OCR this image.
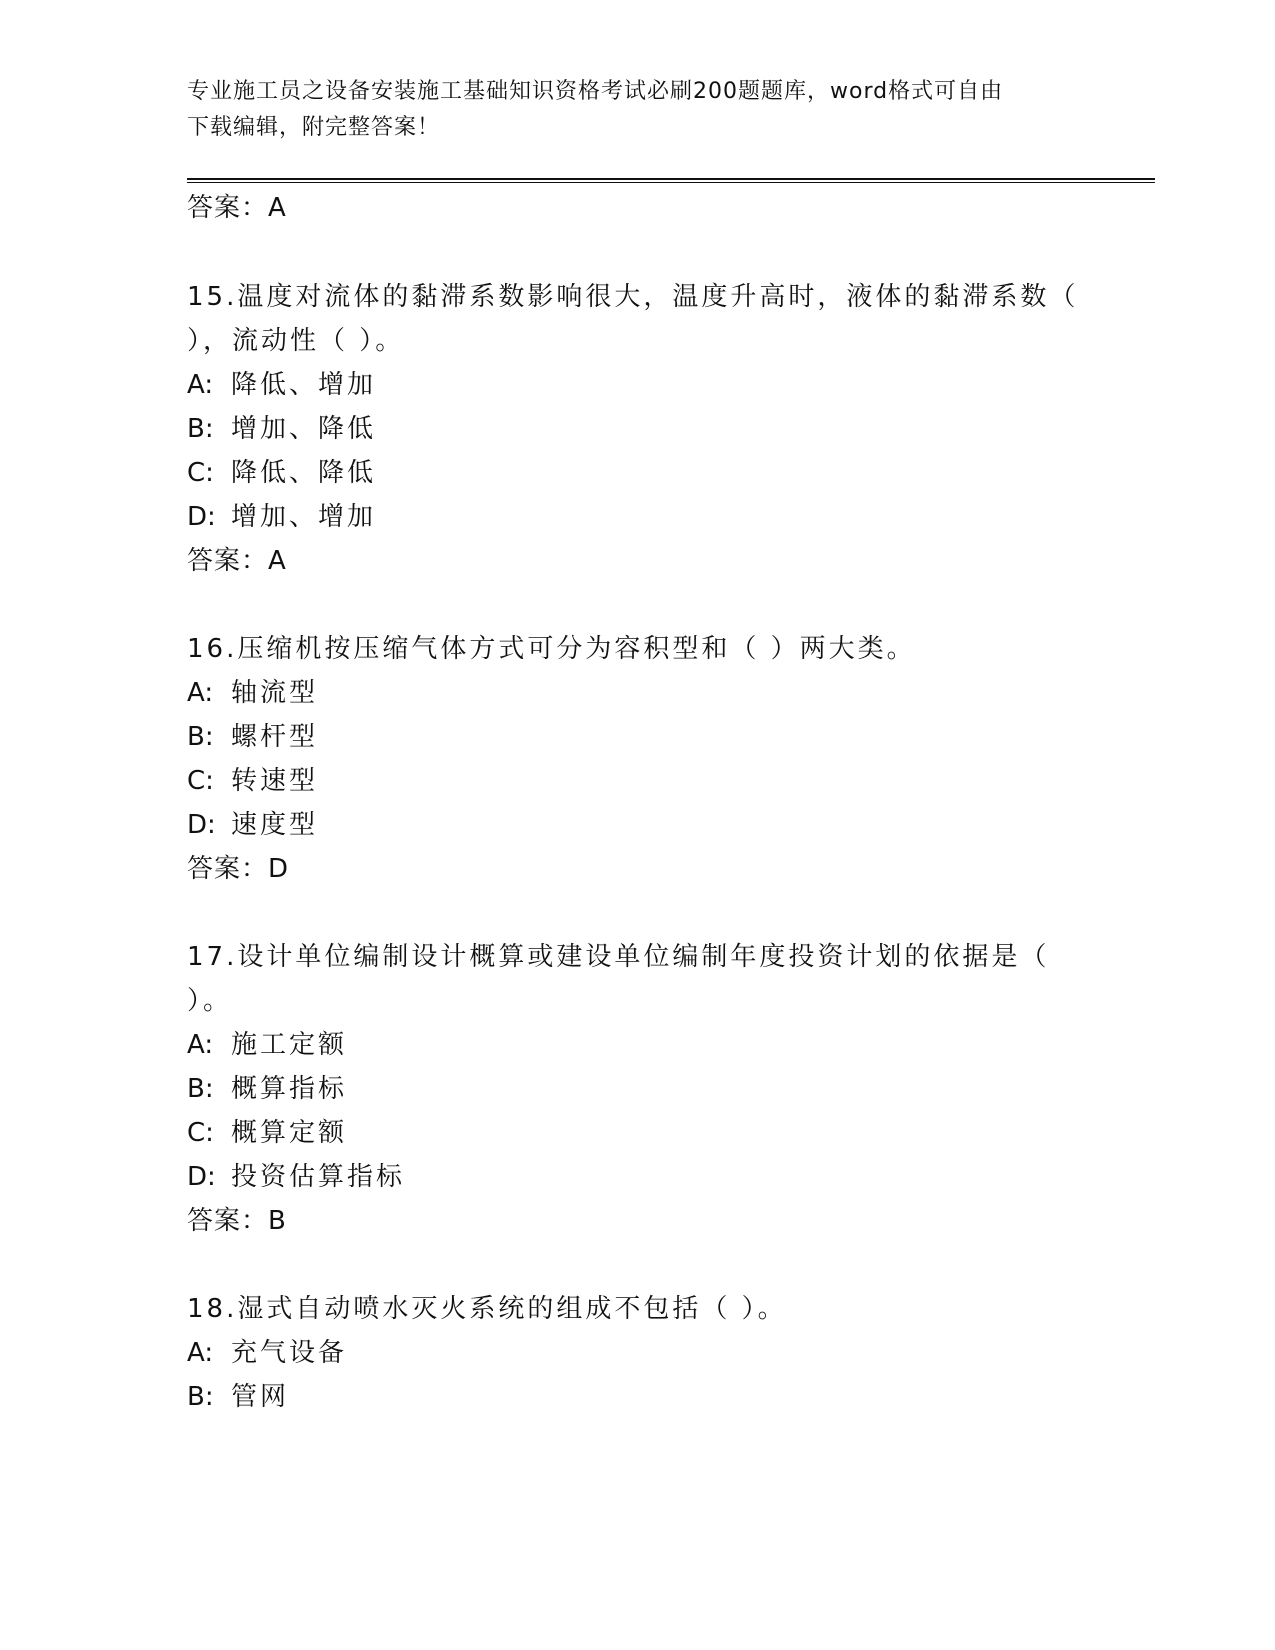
专业施工员之设备安装施工基础知识资格考试必刷200题题库，word格式可自由
下载编辑，附完整答案！
答案：A
15.温度对流体的黏滞系数影响很大，温度升高时，液体的黏滞系数（
），流动性（ ）。
A: 降低、增加
B: 增加、降低
C: 降低、降低
D: 增加、增加
答案：A
16.压缩机按压缩气体方式可分为容积型和（ ）两大类。
A: 轴流型
B: 螺杆型
C: 转速型
D: 速度型
答案：D
17.设计单位编制设计概算或建设单位编制年度投资计划的依据是（
）。
A: 施工定额
B: 概算指标
C: 概算定额
D: 投资估算指标
答案：B
18.湿式自动喷水灭火系统的组成不包括（ ）。
A: 充气设备
B: 管网
